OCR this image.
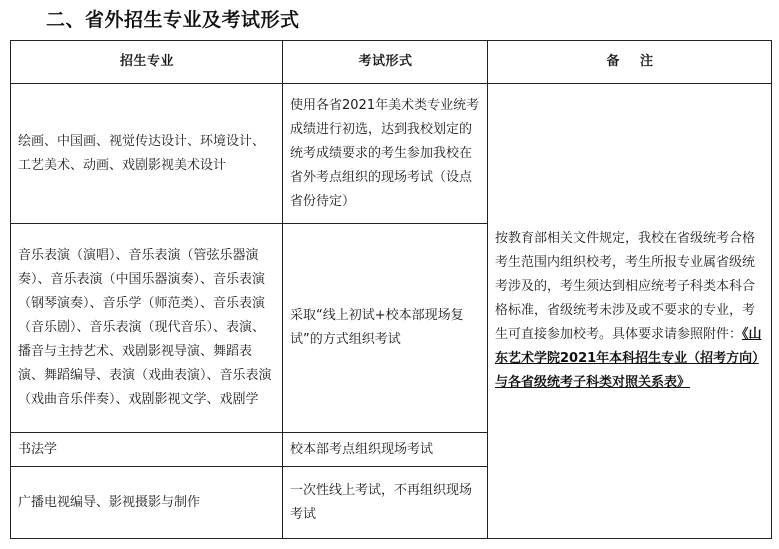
二、省外招生专业及考试形式
招生专业	考试形式	备    注
绘画、中国画、视觉传达设计、环境设计、工艺美术、动画、戏剧影视美术设计	使用各省2021年美术类专业统考成绩进行初选，达到我校划定的统考成绩要求的考生参加我校在省外考点组织的现场考试（设点省份待定）	按教育部相关文件规定，我校在省级统考合格考生范围内组织校考，考生所报专业属省级统考涉及的，考生须达到相应统考子科类本科合格标准，省级统考未涉及或不要求的专业，考生可直接参加校考。具体要求请参照附件：《山东艺术学院2021年本科招生专业（招考方向）与各省级统考子科类对照关系表》
音乐表演（演唱）、音乐表演（管弦乐器演奏）、音乐表演（中国乐器演奏）、音乐表演（钢琴演奏）、音乐学（师范类）、音乐表演（音乐剧）、音乐表演（现代音乐）、表演、播音与主持艺术、戏剧影视导演、舞蹈表演、舞蹈编导、表演（戏曲表演）、音乐表演（戏曲音乐伴奏）、戏剧影视文学、戏剧学	采取“线上初试+校本部现场复试”的方式组织考试	
书法学	校本部考点组织现场考试	
广播电视编导、影视摄影与制作	一次性线上考试，不再组织现场考试	
